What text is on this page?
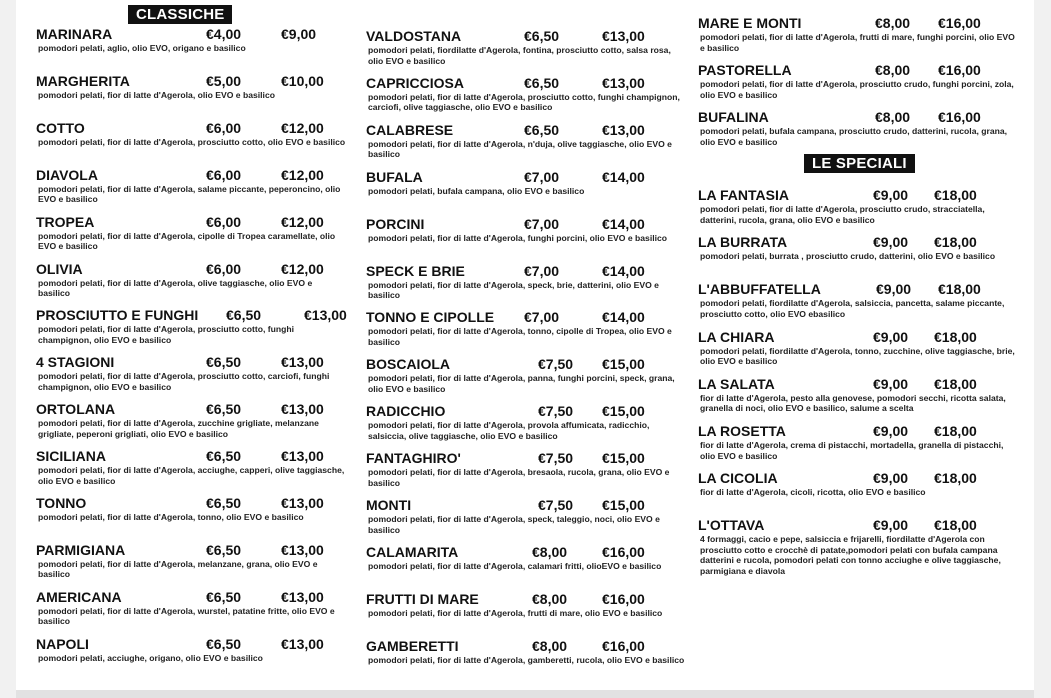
CLASSICHE
MARINARA	€4,00	€9,00
pomodori pelati, aglio, olio EVO, origano e basilico
MARGHERITA	€5,00	€10,00
pomodori pelati, fior di latte d'Agerola, olio EVO e basilico
COTTO	€6,00	€12,00
pomodori pelati, fior di latte d'Agerola, prosciutto cotto, olio EVO e basilico
DIAVOLA	€6,00	€12,00
pomodori pelati, fior di latte d'Agerola, salame piccante, peperoncino, olio EVO e basilico
TROPEA	€6,00	€12,00
pomodori pelati, fior di latte d'Agerola, cipolle di Tropea caramellate, olio EVO e basilico
OLIVIA	€6,00	€12,00
pomodori pelati, fior di latte d'Agerola, olive taggiasche, olio EVO e basilico
PROSCIUTTO E FUNGHI €6,50	€13,00
pomodori pelati, fior di latte d'Agerola, prosciutto cotto, funghi champignon, olio EVO e basilico
4 STAGIONI	€6,50	€13,00
pomodori pelati, fior di latte d'Agerola, prosciutto cotto, carciofi, funghi champignon, olio EVO e basilico
ORTOLANA	€6,50	€13,00
pomodori pelati, fior di latte d'Agerola, zucchine grigliate, melanzane grigliate, peperoni grigliati, olio EVO e basilico
SICILIANA	€6,50	€13,00
pomodori pelati, fior di latte d'Agerola, acciughe, capperi, olive taggiasche, olio EVO e basilico
TONNO	€6,50	€13,00
pomodori pelati, fior di latte d'Agerola, tonno, olio EVO e basilico
PARMIGIANA	€6,50	€13,00
pomodori pelati, fior di latte d'Agerola, melanzane, grana, olio EVO e basilico
AMERICANA	€6,50	€13,00
pomodori pelati, fior di latte d'Agerola, wurstel, patatine fritte, olio EVO e basilico
NAPOLI	€6,50	€13,00
pomodori pelati, acciughe, origano, olio EVO e basilico
VALDOSTANA	€6,50	€13,00
pomodori pelati, fiordilatte d'Agerola, fontina, prosciutto cotto, salsa rosa, olio EVO e basilico
CAPRICCIOSA	€6,50	€13,00
pomodori pelati, fior di latte d'Agerola, prosciutto cotto, funghi champignon, carciofi, olive taggiasche, olio EVO e basilico
CALABRESE	€6,50	€13,00
pomodori pelati, fior di latte d'Agerola, n'duja, olive taggiasche, olio EVO e basilico
BUFALA	€7,00	€14,00
pomodori pelati, bufala campana, olio EVO e basilico
PORCINI	€7,00	€14,00
pomodori pelati, fior di latte d'Agerola, funghi porcini, olio EVO e basilico
SPECK E BRIE	€7,00	€14,00
pomodori pelati, fior di latte d'Agerola, speck, brie, datterini, olio EVO e basilico
TONNO E CIPOLLE €7,00	€14,00
pomodori pelati, fior di latte d'Agerola, tonno, cipolle di Tropea, olio EVO e basilico
BOSCAIOLA	€7,50 €15,00
pomodori pelati, fior di latte d'Agerola, panna, funghi porcini, speck, grana, olio EVO e basilico
RADICCHIO	€7,50 €15,00
pomodori pelati, fior di latte d'Agerola, provola affumicata, radicchio, salsiccia, olive taggiasche, olio EVO e basilico
FANTAGHIRO'	€7,50 €15,00
pomodori pelati, fior di latte d'Agerola, bresaola, rucola, grana, olio EVO e basilico
MONTI	€7,50 €15,00
pomodori pelati, fior di latte d'Agerola, speck, taleggio, noci, olio EVO e basilico
CALAMARITA	€8,00 €16,00
pomodori pelati, fior di latte d'Agerola, calamari fritti, olioEVO e basilico
FRUTTI DI MARE	€8,00 €16,00
pomodori pelati, fior di latte d'Agerola, frutti di mare, olio EVO e basilico
GAMBERETTI	€8,00 €16,00
pomodori pelati, fior di latte d'Agerola, gamberetti, rucola, olio EVO e basilico
MARE E MONTI	€8,00 €16,00
pomodori pelati, fior di latte d'Agerola, frutti di mare, funghi porcini, olio EVO e basilico
PASTORELLA	€8,00 €16,00
pomodori pelati, fior di latte d'Agerola, prosciutto crudo, funghi porcini, zola, olio EVO e basilico
BUFALINA	€8,00 €16,00
pomodori pelati, bufala campana, prosciutto crudo, datterini, rucola, grana, olio EVO e basilico
LE SPECIALI
LA FANTASIA	€9,00 €18,00
pomodori pelati, fior di latte d'Agerola, prosciutto crudo, stracciatella, datterini, rucola, grana, olio EVO e basilico
LA BURRATA	€9,00 €18,00
pomodori pelati, burrata , prosciutto crudo, datterini, olio EVO e basilico
L'ABBUFFATELLA	€9,00 €18,00
pomodori pelati, fiordilatte d'Agerola, salsiccia, pancetta, salame piccante, prosciutto cotto, olio EVO ebasilico
LA CHIARA	€9,00 €18,00
pomodori pelati, fiordilatte d'Agerola, tonno, zucchine, olive taggiasche, brie, olio EVO e basilico
LA SALATA	€9,00 €18,00
fior di latte d'Agerola, pesto alla genovese, pomodori secchi, ricotta salata, granella di noci, olio EVO e basilico, salume a scelta
LA ROSETTA	€9,00 €18,00
fior di latte d'Agerola, crema di pistacchi, mortadella, granella di pistacchi, olio EVO e basilico
LA CICOLIA	€9,00 €18,00
fior di latte d'Agerola, cicoli, ricotta, olio EVO e basilico
L'OTTAVA	€9,00 €18,00
4 formaggi, cacio e pepe, salsiccia e frijarelli, fiordilatte d'Agerola con prosciutto cotto e crocchè di patate,pomodori pelati con bufala campana datterini e rucola, pomodori pelati con tonno acciughe e olive taggiasche, parmigiana e diavola
